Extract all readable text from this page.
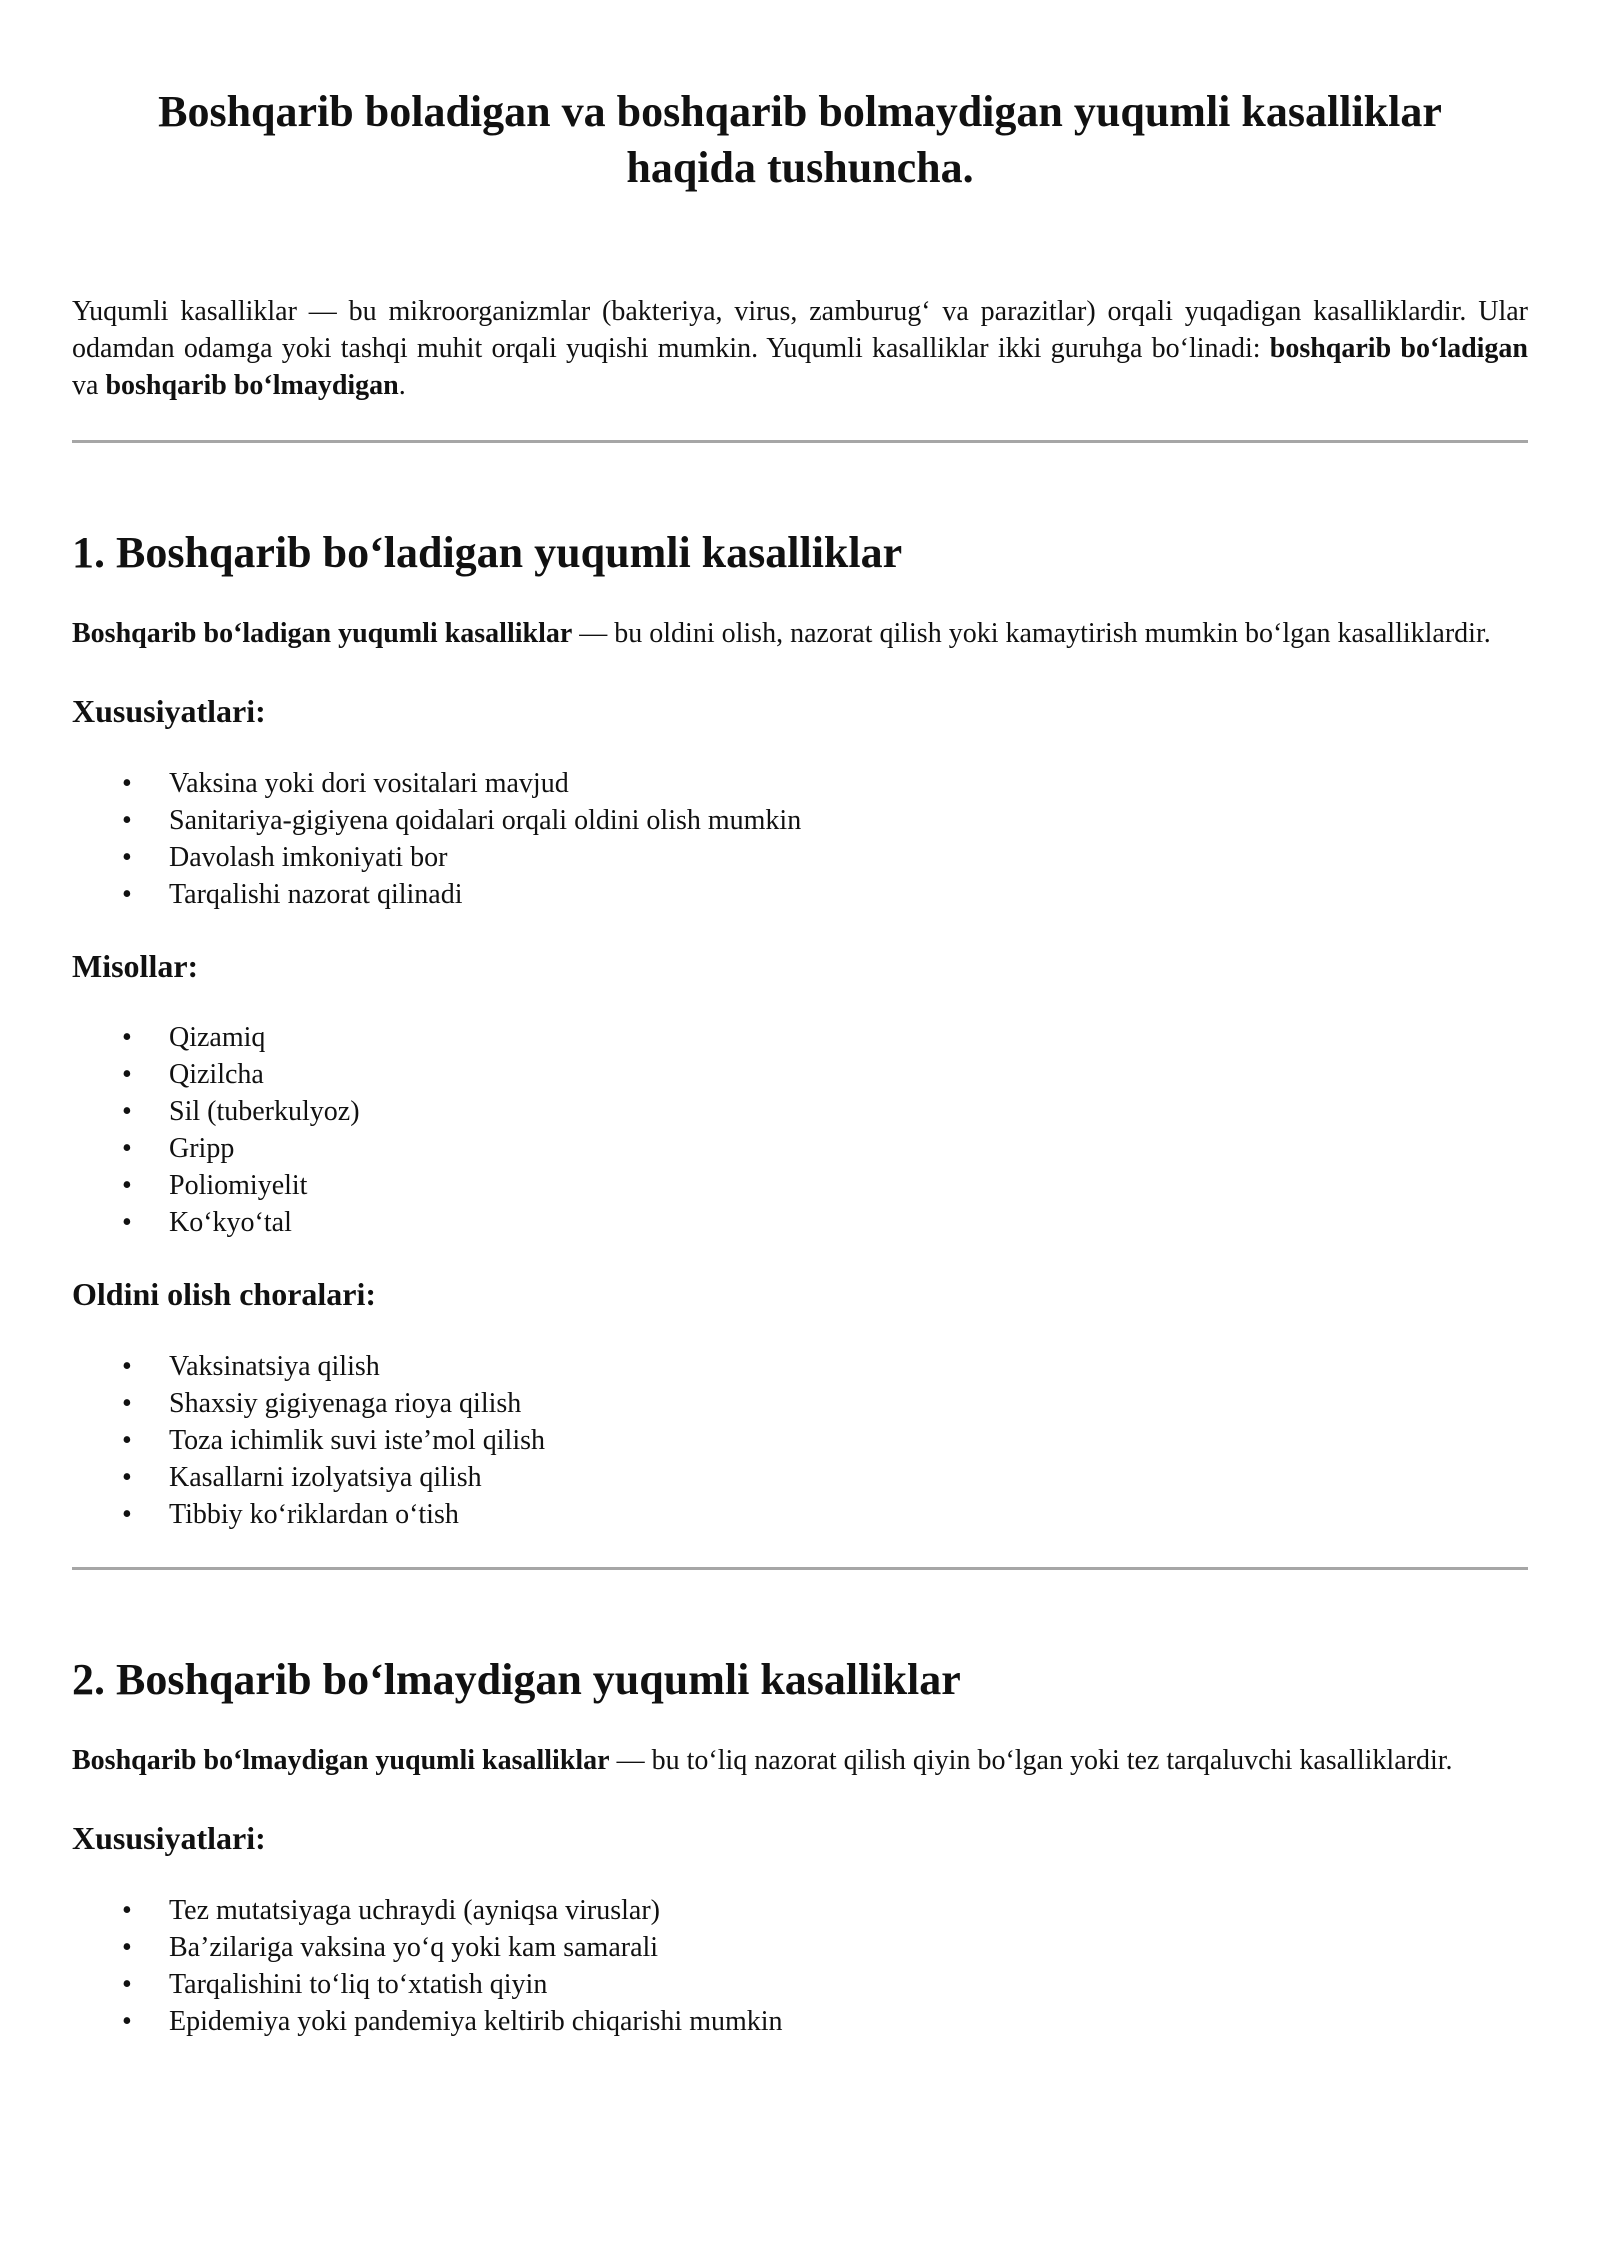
Boshqarib boladigan va boshqarib bolmaydigan yuqumli kasalliklar haqida tushuncha.

Yuqumli kasalliklar — bu mikroorganizmlar (bakteriya, virus, zamburug‘ va parazitlar) orqali yuqadigan kasalliklardir. Ular odamdan odamga yoki tashqi muhit orqali yuqishi mumkin. Yuqumli kasalliklar ikki guruhga bo‘linadi: boshqarib bo‘ladigan va boshqarib bo‘lmaydigan.

1. Boshqarib bo‘ladigan yuqumli kasalliklar

Boshqarib bo‘ladigan yuqumli kasalliklar — bu oldini olish, nazorat qilish yoki kamaytirish mumkin bo‘lgan kasalliklardir.

Xususiyatlari:
• Vaksina yoki dori vositalari mavjud
• Sanitariya-gigiyena qoidalari orqali oldini olish mumkin
• Davolash imkoniyati bor
• Tarqalishi nazorat qilinadi
Misollar:
• Qizamiq
• Qizilcha
• Sil (tuberkulyoz)
• Gripp
• Poliomiyelit
• Ko‘kyo‘tal
Oldini olish choralari:
• Vaksinatsiya qilish
• Shaxsiy gigiyenaga rioya qilish
• Toza ichimlik suvi iste’mol qilish
• Kasallarni izolyatsiya qilish
• Tibbiy ko‘riklardan o‘tish
2. Boshqarib bo‘lmaydigan yuqumli kasalliklar

Boshqarib bo‘lmaydigan yuqumli kasalliklar — bu to‘liq nazorat qilish qiyin bo‘lgan yoki tez tarqaluvchi kasalliklardir.

Xususiyatlari:
• Tez mutatsiyaga uchraydi (ayniqsa viruslar)
• Ba’zilariga vaksina yo‘q yoki kam samarali
• Tarqalishini to‘liq to‘xtatish qiyin
• Epidemiya yoki pandemiya keltirib chiqarishi mumkin
